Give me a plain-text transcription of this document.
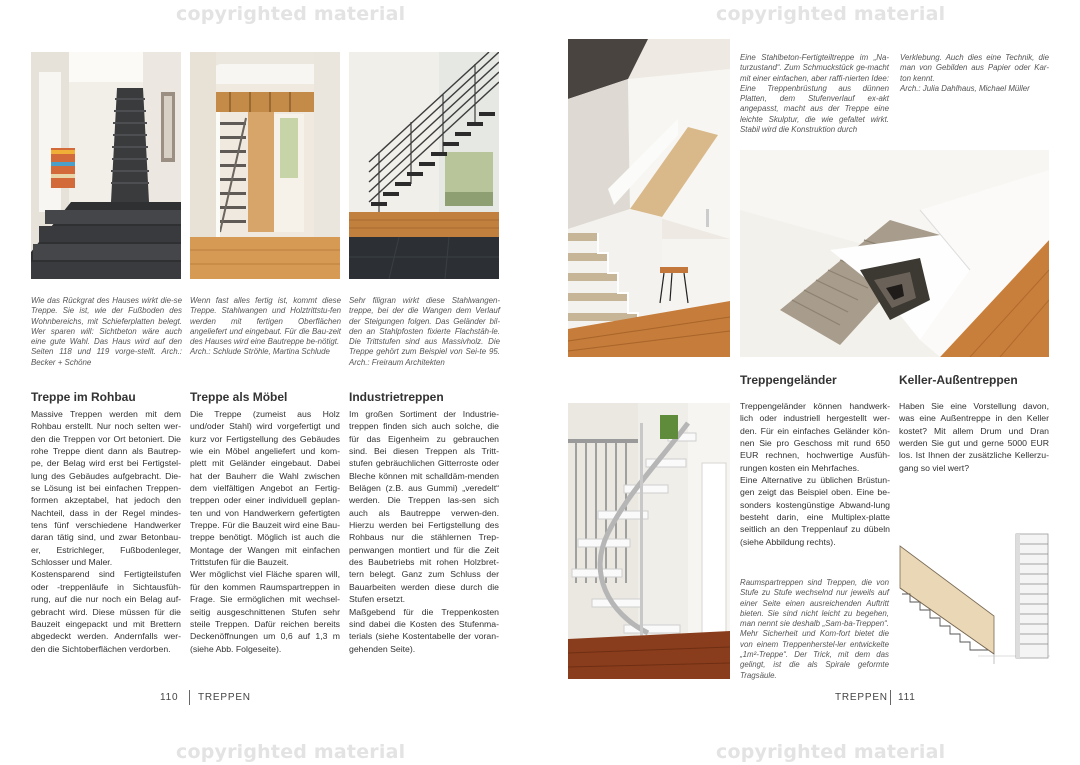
copyrighted material	copyrighted material
copyrighted material	copyrighted material

Wie das Rückgrat des Hauses wirkt die-se Treppe. Sie ist, wie der Fußboden des Wohnbereichs, mit Schieferplatten belegt. Wer sparen will: Sichtbeton wäre auch eine gute Wahl. Das Haus wird auf den Seiten 118 und 119 vorge-stellt. Arch.: Becker + Schöne

Wenn fast alles fertig ist, kommt diese Treppe. Stahlwangen und Holztrittstu-fen werden mit fertigen Oberflächen angeliefert und eingebaut. Für die Bau-zeit des Hauses wird eine Bautreppe be-nötigt.

Arch.: Schlude Ströhle, Martina Schlude

Sehr filigran wirkt diese Stahlwangen-treppe, bei der die Wangen dem Verlauf der Steigungen folgen. Das Geländer bil-den an Stahlpfosten fixierte Flachstäh-le. Die Trittstufen sind aus Massivholz. Die Treppe gehört zum Beispiel von Sei-te 95. Arch.: Freiraum Architekten

Treppe im Rohbau

Massive Treppen werden mit dem Rohbau erstellt. Nur noch selten wer-den die Treppen vor Ort betoniert. Die rohe Treppe dient dann als Bautrep-pe, der Belag wird erst bei Fertigstel-lung des Gebäudes aufgebracht. Die-se Lösung ist bei einfachen Treppen-formen akzeptabel, hat jedoch den Nachteil, dass in der Regel mindes-tens fünf verschiedene Handwerker daran tätig sind, und zwar Betonbau-er, Estrichleger, Fußbodenleger, Schlosser und Maler.

Kostensparend sind Fertigteilstufen oder -treppenläufe in Sichtausfüh-rung, auf die nur noch ein Belag auf-gebracht wird. Diese müssen für die Bauzeit eingepackt und mit Brettern abgedeckt werden. Andernfalls wer-den die Sichtoberflächen verdorben.

Treppe als Möbel

Die Treppe (zumeist aus Holz und/oder Stahl) wird vorgefertigt und kurz vor Fertigstellung des Gebäudes wie ein Möbel angeliefert und kom-plett mit Geländer eingebaut. Dabei hat der Bauherr die Wahl zwischen dem vielfältigen Angebot an Fertig-treppen oder einer individuell geplan-ten und von Handwerkern gefertigten Treppe. Für die Bauzeit wird eine Bau-treppe benötigt. Möglich ist auch die Montage der Wangen mit einfachen Trittstufen für die Bauzeit.

Wer möglichst viel Fläche sparen will, für den kommen Raumspartreppen in Frage. Sie ermöglichen mit wechsel-seitig ausgeschnittenen Stufen sehr steile Treppen. Dafür reichen bereits Deckenöffnungen um 0,6 auf 1,3 m (siehe Abb. Folgeseite).

Industrietreppen

Im großen Sortiment der Industrie-treppen finden sich auch solche, die für das Eigenheim zu gebrauchen sind. Bei diesen Treppen als Tritt-stufen gebräuchlichen Gitterroste oder Bleche können mit schalldäm-menden Belägen (z.B. aus Gummi) „veredelt“ werden. Die Treppen las-sen sich auch als Bautreppe verwen-den. Hierzu werden bei Fertigstellung des Rohbaus nur die stählernen Trep-penwangen montiert und für die Zeit des Baubetriebs mit rohen Holzbret-tern belegt. Ganz zum Schluss der Bauarbeiten werden diese durch die Stufen ersetzt.

Maßgebend für die Treppenkosten sind dabei die Kosten des Stufenma-terials (siehe Kostentabelle der voran-gehenden Seite).

110 TREPPEN

Eine Stahlbeton-Fertigteiltreppe im „Na-turzustand“. Zum Schmuckstück ge-macht mit einer einfachen, aber raffi-nierten Idee: Eine Treppenbrüstung aus dünnen Platten, dem Stufenverlauf ex-akt angepasst, macht aus der Treppe eine leichte Skulptur, die wie gefaltet wirkt. Stabil wird die Konstruktion durch

Verklebung. Auch dies eine Technik, die man von Gebilden aus Papier oder Kar-ton kennt.

Arch.: Julia Dahlhaus, Michael Müller

Treppengeländer

Treppengeländer können handwerk-lich oder industriell hergestellt wer-den. Für ein einfaches Geländer kön-nen Sie pro Geschoss mit rund 650 EUR rechnen, hochwertige Ausfüh-rungen kosten ein Mehrfaches.

Eine Alternative zu üblichen Brüstun-gen zeigt das Beispiel oben. Eine be-sonders kostengünstige Abwand-lung besteht darin, eine Multiplex-platte seitlich an den Treppenlauf zu dübeln (siehe Abbildung rechts).

Keller-Außentreppen

Haben Sie eine Vorstellung davon, was eine Außentreppe in den Keller kostet? Mit allem Drum und Dran werden Sie gut und gerne 5000 EUR los. Ist Ihnen der zusätzliche Kellerzu-gang so viel wert?

Raumspartreppen sind Treppen, die von Stufe zu Stufe wechselnd nur jeweils auf einer Seite einen ausreichenden Auftritt bieten. Sie sind nicht leicht zu begehen, man nennt sie deshalb „Sam-ba-Treppen“. Mehr Sicherheit und Kom-fort bietet die von einem Treppenherstel-ler entwickelte „1m²-Treppe“. Der Trick, mit dem das gelingt, ist die als Spirale geformte Tragsäule.

TREPPEN 111
